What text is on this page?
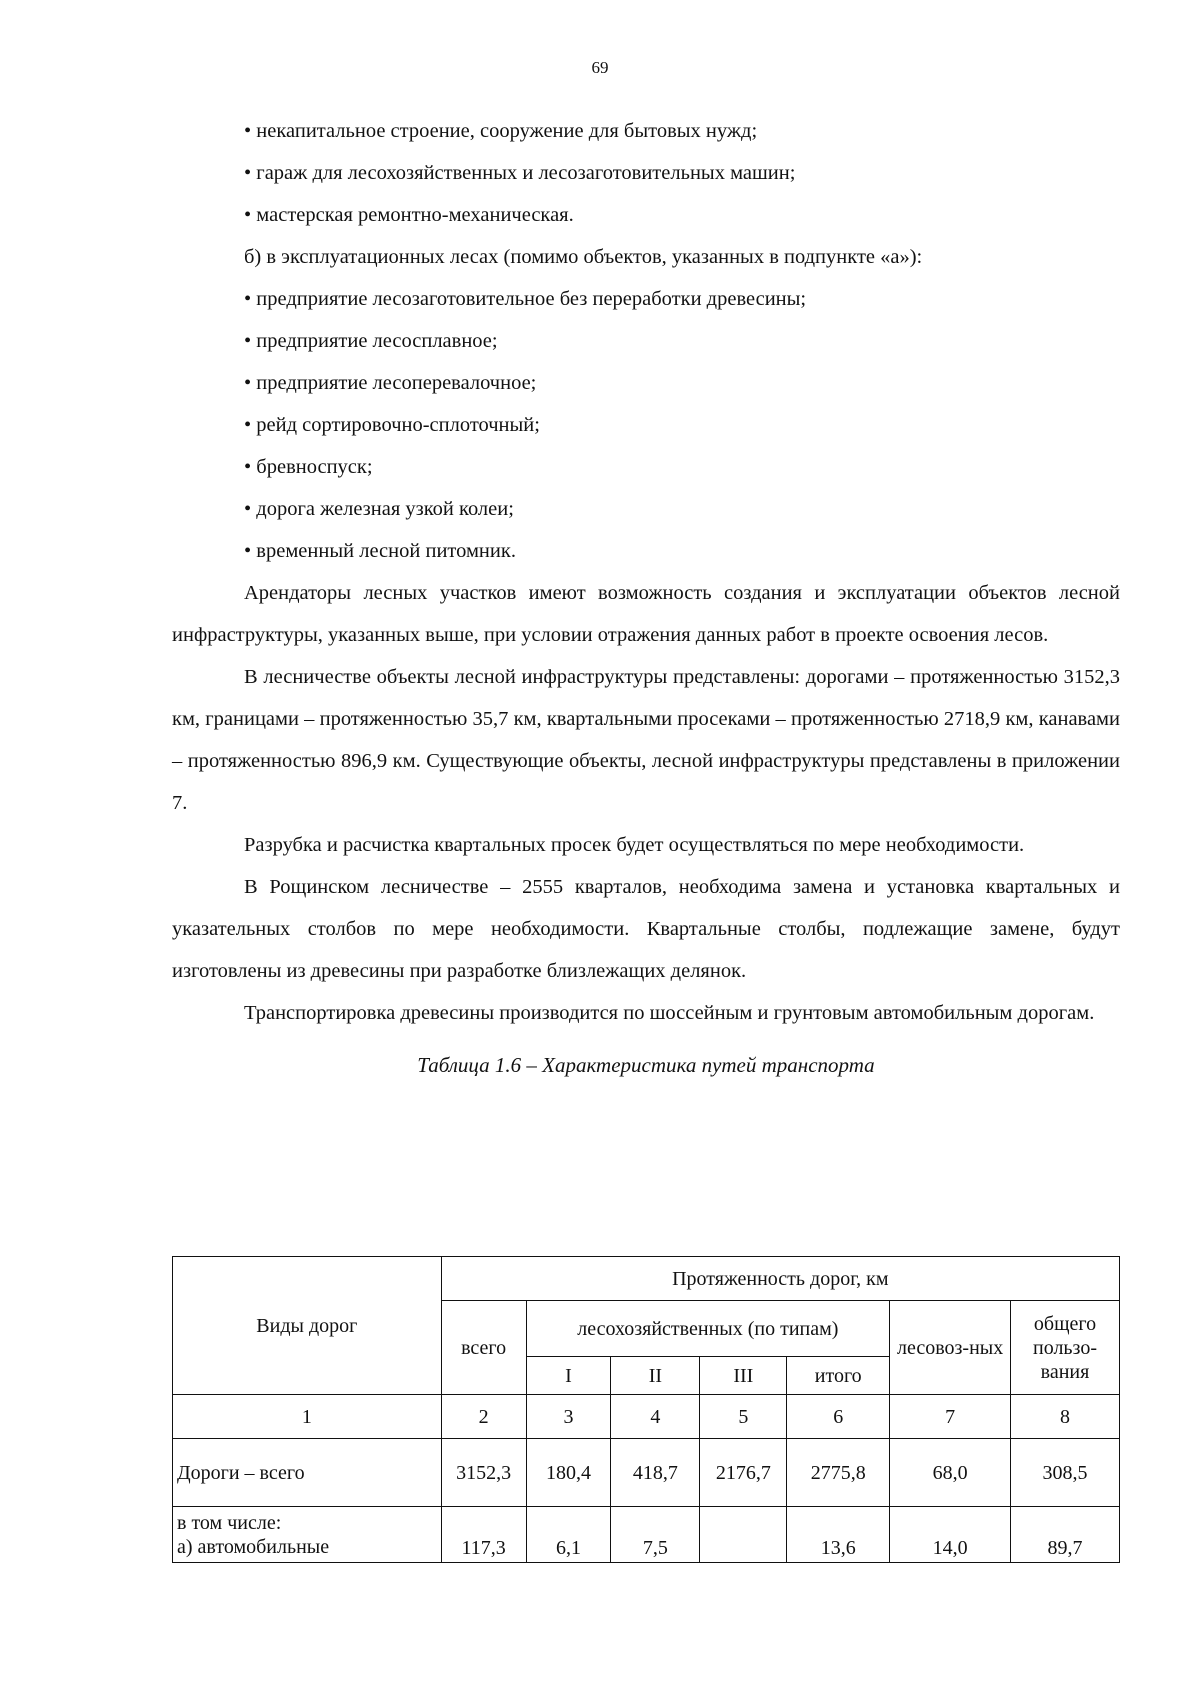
69

• некапитальное строение, сооружение для бытовых нужд;

• гараж для лесохозяйственных и лесозаготовительных машин;

• мастерская ремонтно-механическая.

б) в эксплуатационных лесах (помимо объектов, указанных в подпункте «а»):

• предприятие лесозаготовительное без переработки древесины;

• предприятие лесосплавное;

• предприятие лесоперевалочное;

• рейд сортировочно-сплоточный;

• бревноспуск;

• дорога железная узкой колеи;

• временный лесной питомник.

Арендаторы лесных участков имеют возможность создания и эксплуатации объектов лесной инфраструктуры, указанных выше, при условии отражения данных работ в проекте освоения лесов.

В лесничестве объекты лесной инфраструктуры представлены: дорогами – протяженностью 3152,3 км, границами – протяженностью 35,7 км, квартальными просеками – протяженностью 2718,9 км, канавами – протяженностью 896,9 км. Существующие объекты, лесной инфраструктуры представлены в приложении 7.

Разрубка и расчистка квартальных просек будет осуществляться по мере необходимости.

В Рощинском лесничестве – 2555 кварталов, необходима замена и установка квартальных и указательных столбов по мере необходимости. Квартальные столбы, подлежащие замене, будут изготовлены из древесины при разработке близлежащих делянок.

Транспортировка древесины производится по шоссейным и грунтовым автомобильным дорогам.

Таблица 1.6 – Характеристика путей транспорта

Виды дорог	Протяженность дорог, км						
	всего	лесохозяйственных (по типам)				лесовоз-ных	общего пользо-вания
		I	II	III	итого		
1	2	3	4	5	6	7	8
Дороги – всего	3152,3	180,4	418,7	2176,7	2775,8	68,0	308,5

в том числе:
а) автомобильные	117,3	6,1	7,5		13,6	14,0	89,7
